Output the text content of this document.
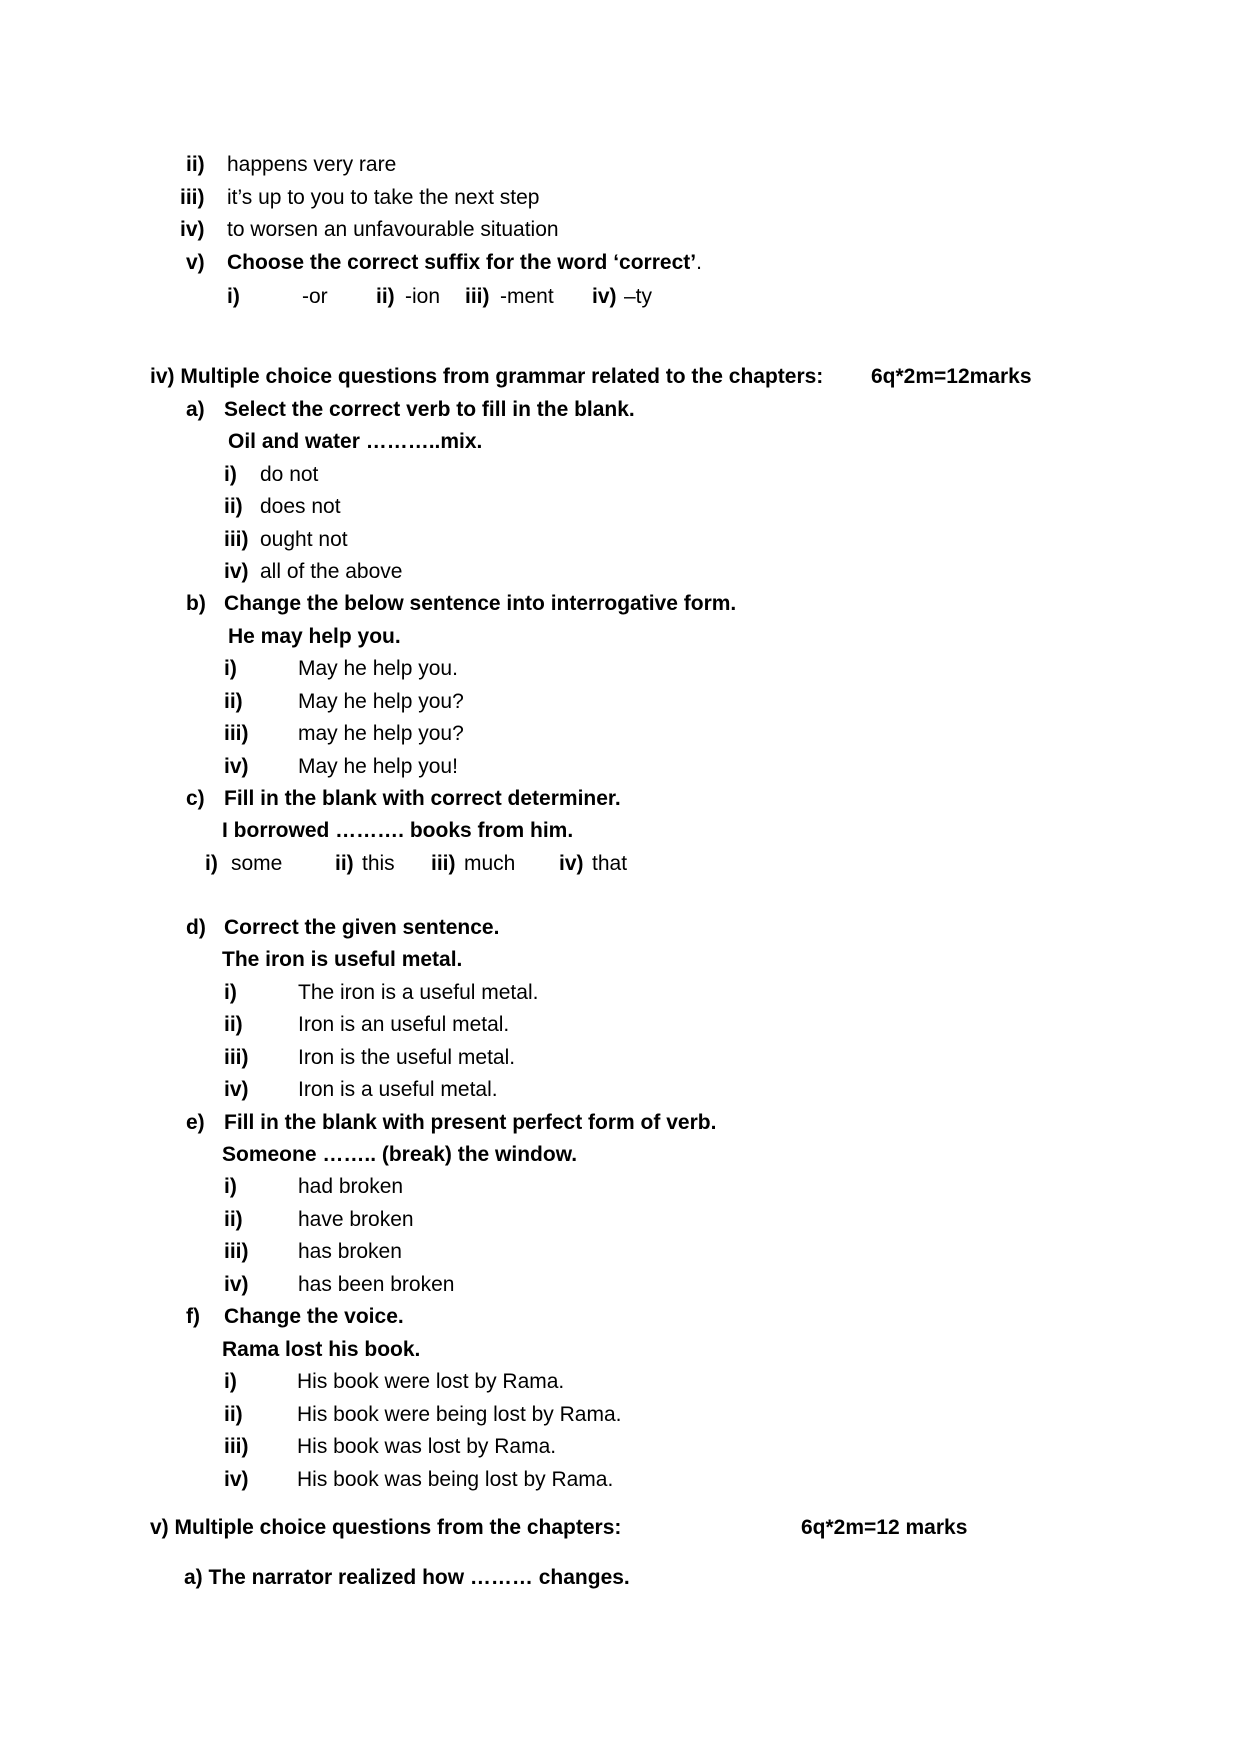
ii) happens very rare
iii) it’s up to you to take the next step
iv) to worsen an unfavourable situation
v) Choose the correct suffix for the word ‘correct’.
i)	-or ii) -ion iii) -ment iv) –ty
iv) Multiple choice questions from grammar related to the chapters: 6q*2m=12marks
a) Select the correct verb to fill in the blank.
Oil and water ………..mix.
i) do not
ii) does not
iii) ought not
iv) all of the above
b) Change the below sentence into interrogative form.
He may help you.
i)	May he help you.
ii)	May he help you?
iii) may he help you?
iv) May he help you!
c) Fill in the blank with correct determiner.
I borrowed ………. books from him.
i) some	ii) this iii) much iv) that
d) Correct the given sentence.
The iron is useful metal.
i)	The iron is a useful metal.
ii)	Iron is an useful metal.
iii) Iron is the useful metal.
iv) Iron is a useful metal.
e) Fill in the blank with present perfect form of verb.
Someone …….. (break) the window.
i)	had broken
ii)	have broken
iii) has broken
iv) has been broken
f) Change the voice.
Rama lost his book.
i)	His book were lost by Rama.
ii)	His book were being lost by Rama.
iii) His book was lost by Rama.
iv) His book was being lost by Rama.
v) Multiple choice questions from the chapters:	6q*2m=12 marks
a) The narrator realized how ……… changes.
